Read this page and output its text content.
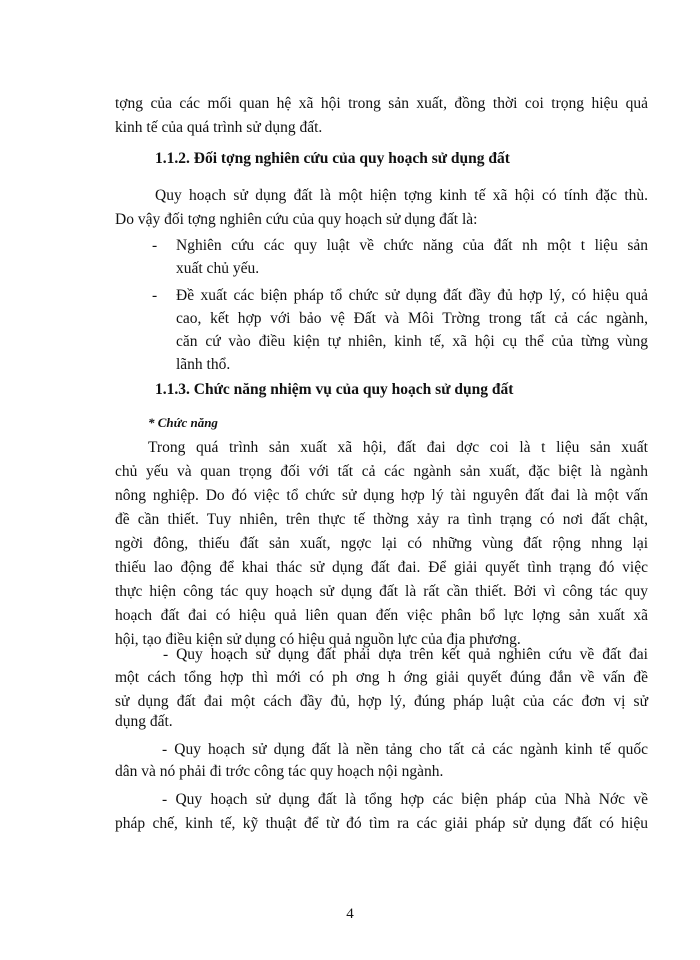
tợng của các mối quan hệ xã hội trong sản xuất, đồng thời coi trọng hiệu quả
kinh tế của quá trình sử dụng đất.
1.1.2. Đối tợng nghiên cứu của quy hoạch sử dụng đất
Quy hoạch sử dụng đất là một hiện tợng kinh tế xã hội có tính đặc thù.
Do vậy đối tợng nghiên cứu của quy hoạch sử dụng đất là:
- Nghiên cứu các quy luật về chức năng của đất nh một t liệu sản
xuất chủ yếu.
- Đề xuất các biện pháp tổ chức sử dụng đất đầy đủ hợp lý, có hiệu quả
cao, kết hợp với bảo vệ Đất và Môi Trờng trong tất cả các ngành,
căn cứ vào điều kiện tự nhiên, kinh tế, xã hội cụ thể của từng vùng
lãnh thổ.
1.1.3. Chức năng nhiệm vụ của quy hoạch sử dụng đất
* Chức năng
Trong quá trình sản xuất xã hội, đất đai dợc coi là t liệu sản xuất
chủ yếu và quan trọng đối với tất cả các ngành sản xuất, đặc biệt là ngành
nông nghiệp. Do đó việc tổ chức sử dụng hợp lý tài nguyên đất đai là một vấn
đề cần thiết. Tuy nhiên, trên thực tế thờng xảy ra tình trạng có nơi đất chật,
ngời đông, thiếu đất sản xuất, ngợc lại có những vùng đất rộng nhng lại
thiếu lao động để khai thác sử dụng đất đai. Để giải quyết tình trạng đó việc
thực hiện công tác quy hoạch sử dụng đất là rất cần thiết. Bởi vì công tác quy
hoạch đất đai có hiệu quả liên quan đến việc phân bổ lực lợng sản xuất xã
hội, tạo điều kiện sử dụng có hiệu quả nguồn lực của địa phương.
- Quy hoạch sử dụng đất phải dựa trên kết quả nghiên cứu về đất đai
một cách tổng hợp thì mới có ph ơng h ớng giải quyết đúng đắn về vấn đề
sử dụng đất đai một cách đầy đủ, hợp lý, đúng pháp luật của các đơn vị sử
dụng đất.
- Quy hoạch sử dụng đất là nền tảng cho tất cả các ngành kinh tế quốc
dân và nó phải đi trớc công tác quy hoạch nội ngành.
- Quy hoạch sử dụng đất là tổng hợp các biện pháp của Nhà Nớc về
pháp chế, kinh tế, kỹ thuật để từ đó tìm ra các giải pháp sử dụng đất có hiệu
4
